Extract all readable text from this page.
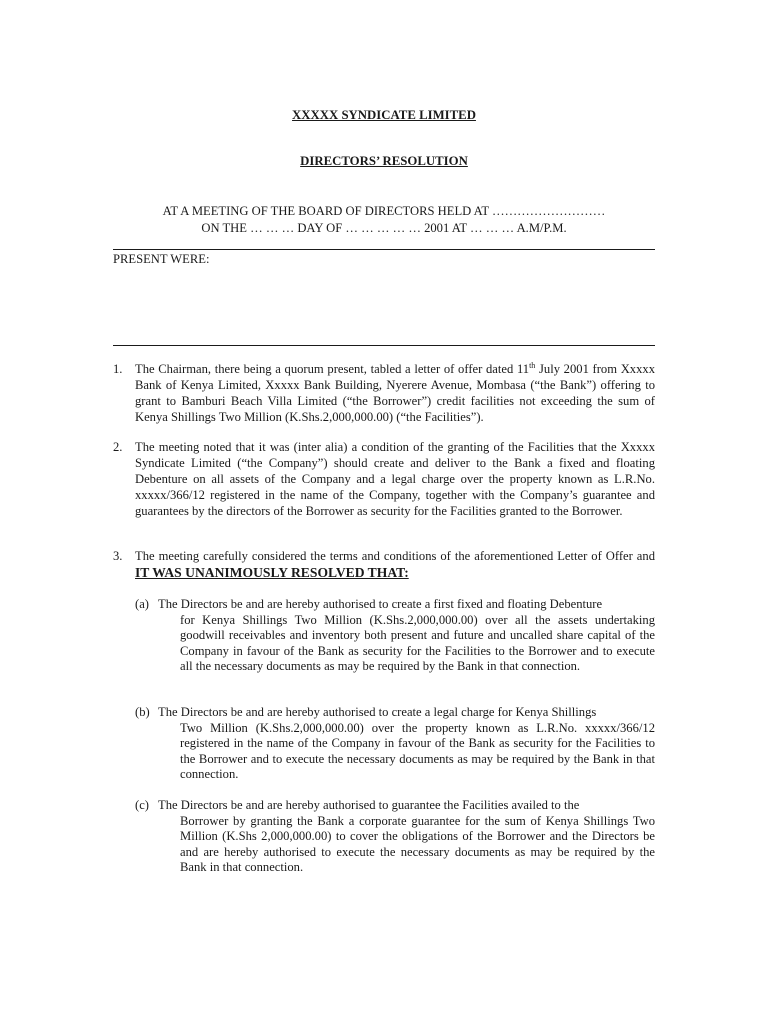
XXXXX SYNDICATE LIMITED
DIRECTORS’ RESOLUTION
AT A MEETING OF THE BOARD OF DIRECTORS HELD AT ………………………
ON THE … … … DAY OF … … … … … 2001 AT … … … A.M/P.M.
PRESENT WERE:
1. The Chairman, there being a quorum present, tabled a letter of offer dated 11th July 2001 from Xxxxx Bank of Kenya Limited, Xxxxx Bank Building, Nyerere Avenue, Mombasa (“the Bank”) offering to grant to Bamburi Beach Villa Limited (“the Borrower”) credit facilities not exceeding the sum of Kenya Shillings Two Million (K.Shs.2,000,000.00) (“the Facilities”).
2. The meeting noted that it was (inter alia) a condition of the granting of the Facilities that the Xxxxx Syndicate Limited (“the Company”) should create and deliver to the Bank a fixed and floating Debenture on all assets of the Company and a legal charge over the property known as L.R.No. xxxxx/366/12 registered in the name of the Company, together with the Company’s guarantee and guarantees by the directors of the Borrower as security for the Facilities granted to the Borrower.
3. The meeting carefully considered the terms and conditions of the aforementioned Letter of Offer and IT WAS UNANIMOUSLY RESOLVED THAT:
(a) The Directors be and are hereby authorised to create a first fixed and floating Debenture
for Kenya Shillings Two Million (K.Shs.2,000,000.00) over all the assets undertaking goodwill receivables and inventory both present and future and uncalled share capital of the Company in favour of the Bank as security for the Facilities to the Borrower and to execute all the necessary documents as may be required by the Bank in that connection.
(b) The Directors be and are hereby authorised to create a legal charge for Kenya Shillings
Two Million (K.Shs.2,000,000.00) over the property known as L.R.No. xxxxx/366/12 registered in the name of the Company in favour of the Bank as security for the Facilities to the Borrower and to execute the necessary documents as may be required by the Bank in that connection.
(c) The Directors be and are hereby authorised to guarantee the Facilities availed to the
Borrower by granting the Bank a corporate guarantee for the sum of Kenya Shillings Two Million (K.Shs 2,000,000.00) to cover the obligations of the Borrower and the Directors be and are hereby authorised to execute the necessary documents as may be required by the Bank in that connection.
